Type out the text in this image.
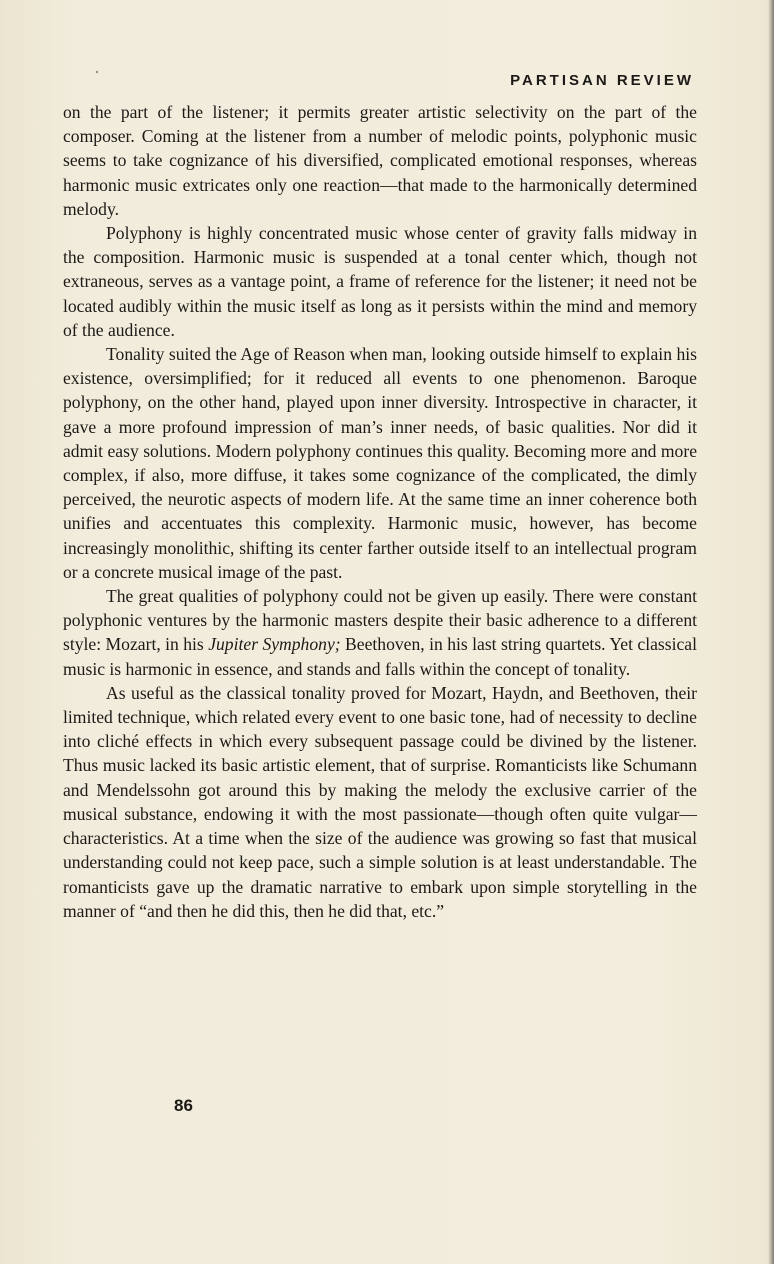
PARTISAN REVIEW

on the part of the listener; it permits greater artistic selectivity on the part of the composer. Coming at the listener from a number of melodic points, polyphonic music seems to take cognizance of his diversified, complicated emotional responses, whereas harmonic music extricates only one reaction—that made to the harmonically determined melody.

Polyphony is highly concentrated music whose center of gravity falls midway in the composition. Harmonic music is suspended at a tonal center which, though not extraneous, serves as a vantage point, a frame of reference for the listener; it need not be located audibly within the music itself as long as it persists within the mind and memory of the audience.

Tonality suited the Age of Reason when man, looking outside himself to explain his existence, oversimplified; for it reduced all events to one phenomenon. Baroque polyphony, on the other hand, played upon inner diversity. Introspective in character, it gave a more profound impression of man’s inner needs, of basic qualities. Nor did it admit easy solutions. Modern polyphony continues this quality. Becoming more and more complex, if also, more diffuse, it takes some cognizance of the complicated, the dimly perceived, the neurotic aspects of modern life. At the same time an inner coherence both unifies and accentuates this complexity. Harmonic music, however, has become increasingly monolithic, shifting its center farther outside itself to an intellectual program or a concrete musical image of the past.

The great qualities of polyphony could not be given up easily. There were constant polyphonic ventures by the harmonic masters despite their basic adherence to a different style: Mozart, in his Jupiter Symphony; Beethoven, in his last string quartets. Yet classical music is harmonic in essence, and stands and falls within the concept of tonality.

As useful as the classical tonality proved for Mozart, Haydn, and Beethoven, their limited technique, which related every event to one basic tone, had of necessity to decline into cliché effects in which every subsequent passage could be divined by the listener. Thus music lacked its basic artistic element, that of surprise. Romanticists like Schumann and Mendelssohn got around this by making the melody the exclusive carrier of the musical substance, endowing it with the most passionate—though often quite vulgar—characteristics. At a time when the size of the audience was growing so fast that musical understanding could not keep pace, such a simple solution is at least understandable. The romanticists gave up the dramatic narrative to embark upon simple storytelling in the manner of “and then he did this, then he did that, etc.”

86
